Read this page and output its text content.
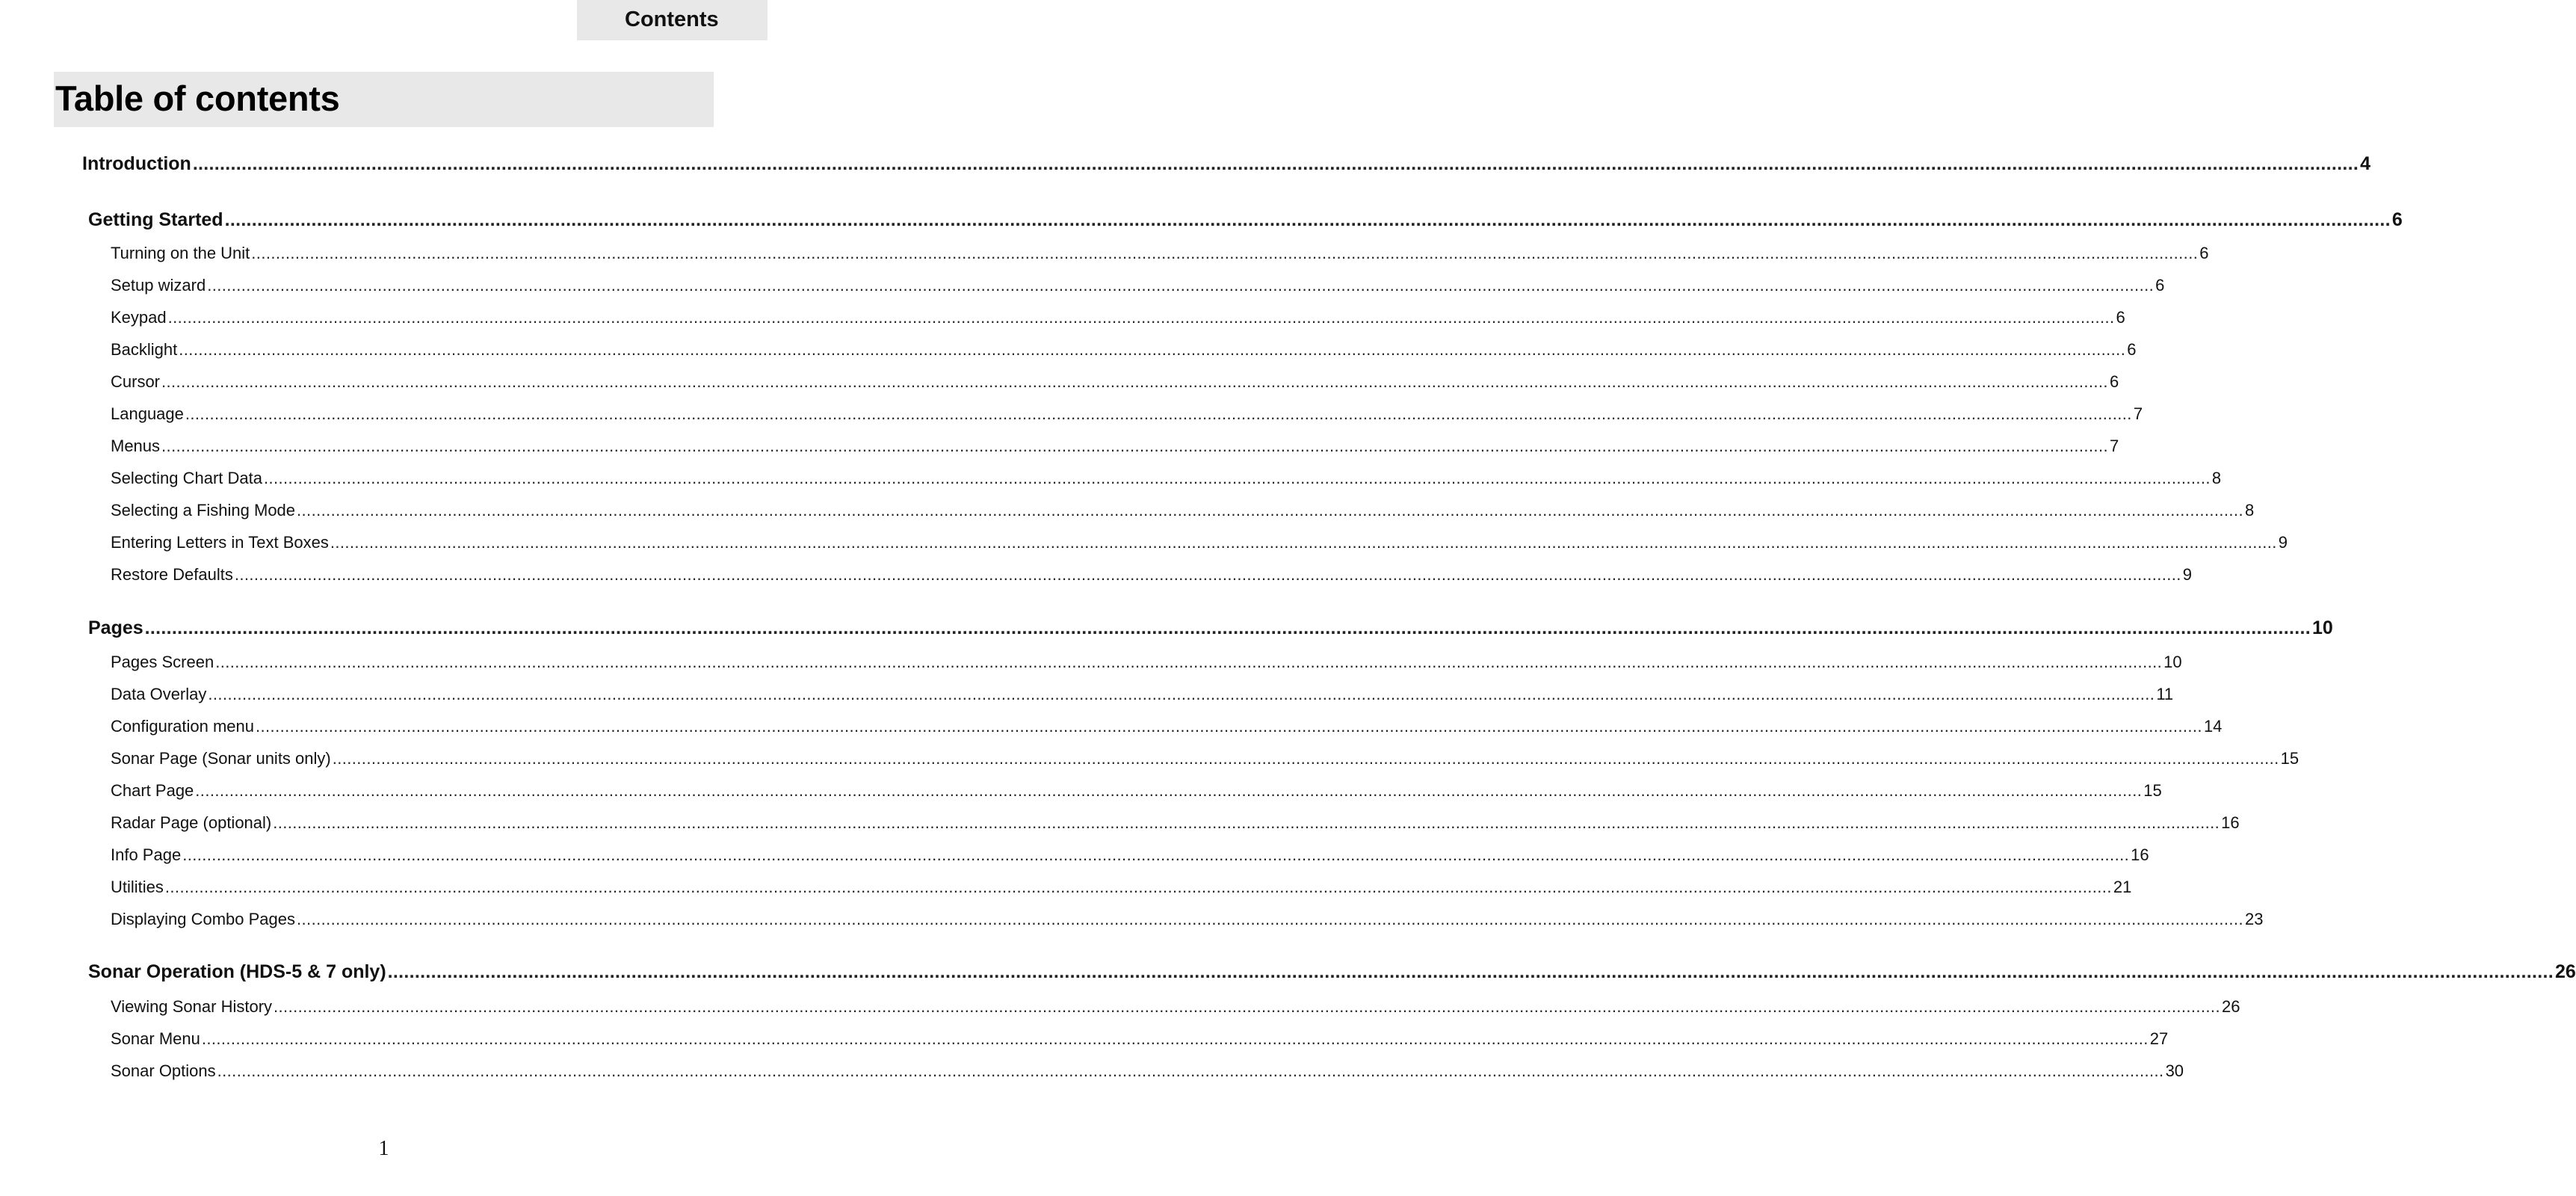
Contents
Table of contents
Introduction ................................................................................................................................................................................................................................................................................................................................................................................................................ 4
Getting Started ................................................................................................................................................................................................................................................................................................................................................................................................................ 6
Turning on the Unit ................................................................................................................................................................................................................................................................................................................................................................................................................ 6
Setup wizard ................................................................................................................................................................................................................................................................................................................................................................................................................ 6
Keypad ................................................................................................................................................................................................................................................................................................................................................................................................................ 6
Backlight ................................................................................................................................................................................................................................................................................................................................................................................................................ 6
Cursor ................................................................................................................................................................................................................................................................................................................................................................................................................ 6
Language ................................................................................................................................................................................................................................................................................................................................................................................................................ 7
Menus ................................................................................................................................................................................................................................................................................................................................................................................................................ 7
Selecting Chart Data ................................................................................................................................................................................................................................................................................................................................................................................................................ 8
Selecting a Fishing Mode ................................................................................................................................................................................................................................................................................................................................................................................................................ 8
Entering Letters in Text Boxes ................................................................................................................................................................................................................................................................................................................................................................................................................ 9
Restore Defaults ................................................................................................................................................................................................................................................................................................................................................................................................................ 9
Pages ................................................................................................................................................................................................................................................................................................................................................................................................................ 10
Pages Screen ................................................................................................................................................................................................................................................................................................................................................................................................................ 10
Data Overlay ................................................................................................................................................................................................................................................................................................................................................................................................................ 11
Configuration menu ................................................................................................................................................................................................................................................................................................................................................................................................................ 14
Sonar Page (Sonar units only) ................................................................................................................................................................................................................................................................................................................................................................................................................ 15
Chart Page ................................................................................................................................................................................................................................................................................................................................................................................................................ 15
Radar Page (optional) ................................................................................................................................................................................................................................................................................................................................................................................................................ 16
Info Page ................................................................................................................................................................................................................................................................................................................................................................................................................ 16
Utilities ................................................................................................................................................................................................................................................................................................................................................................................................................ 21
Displaying Combo Pages ................................................................................................................................................................................................................................................................................................................................................................................................................ 23
Sonar Operation (HDS-5 & 7 only) ................................................................................................................................................................................................................................................................................................................................................................................................................ 26
Viewing Sonar History ................................................................................................................................................................................................................................................................................................................................................................................................................ 26
Sonar Menu ................................................................................................................................................................................................................................................................................................................................................................................................................ 27
Sonar Options ................................................................................................................................................................................................................................................................................................................................................................................................................ 30
1
